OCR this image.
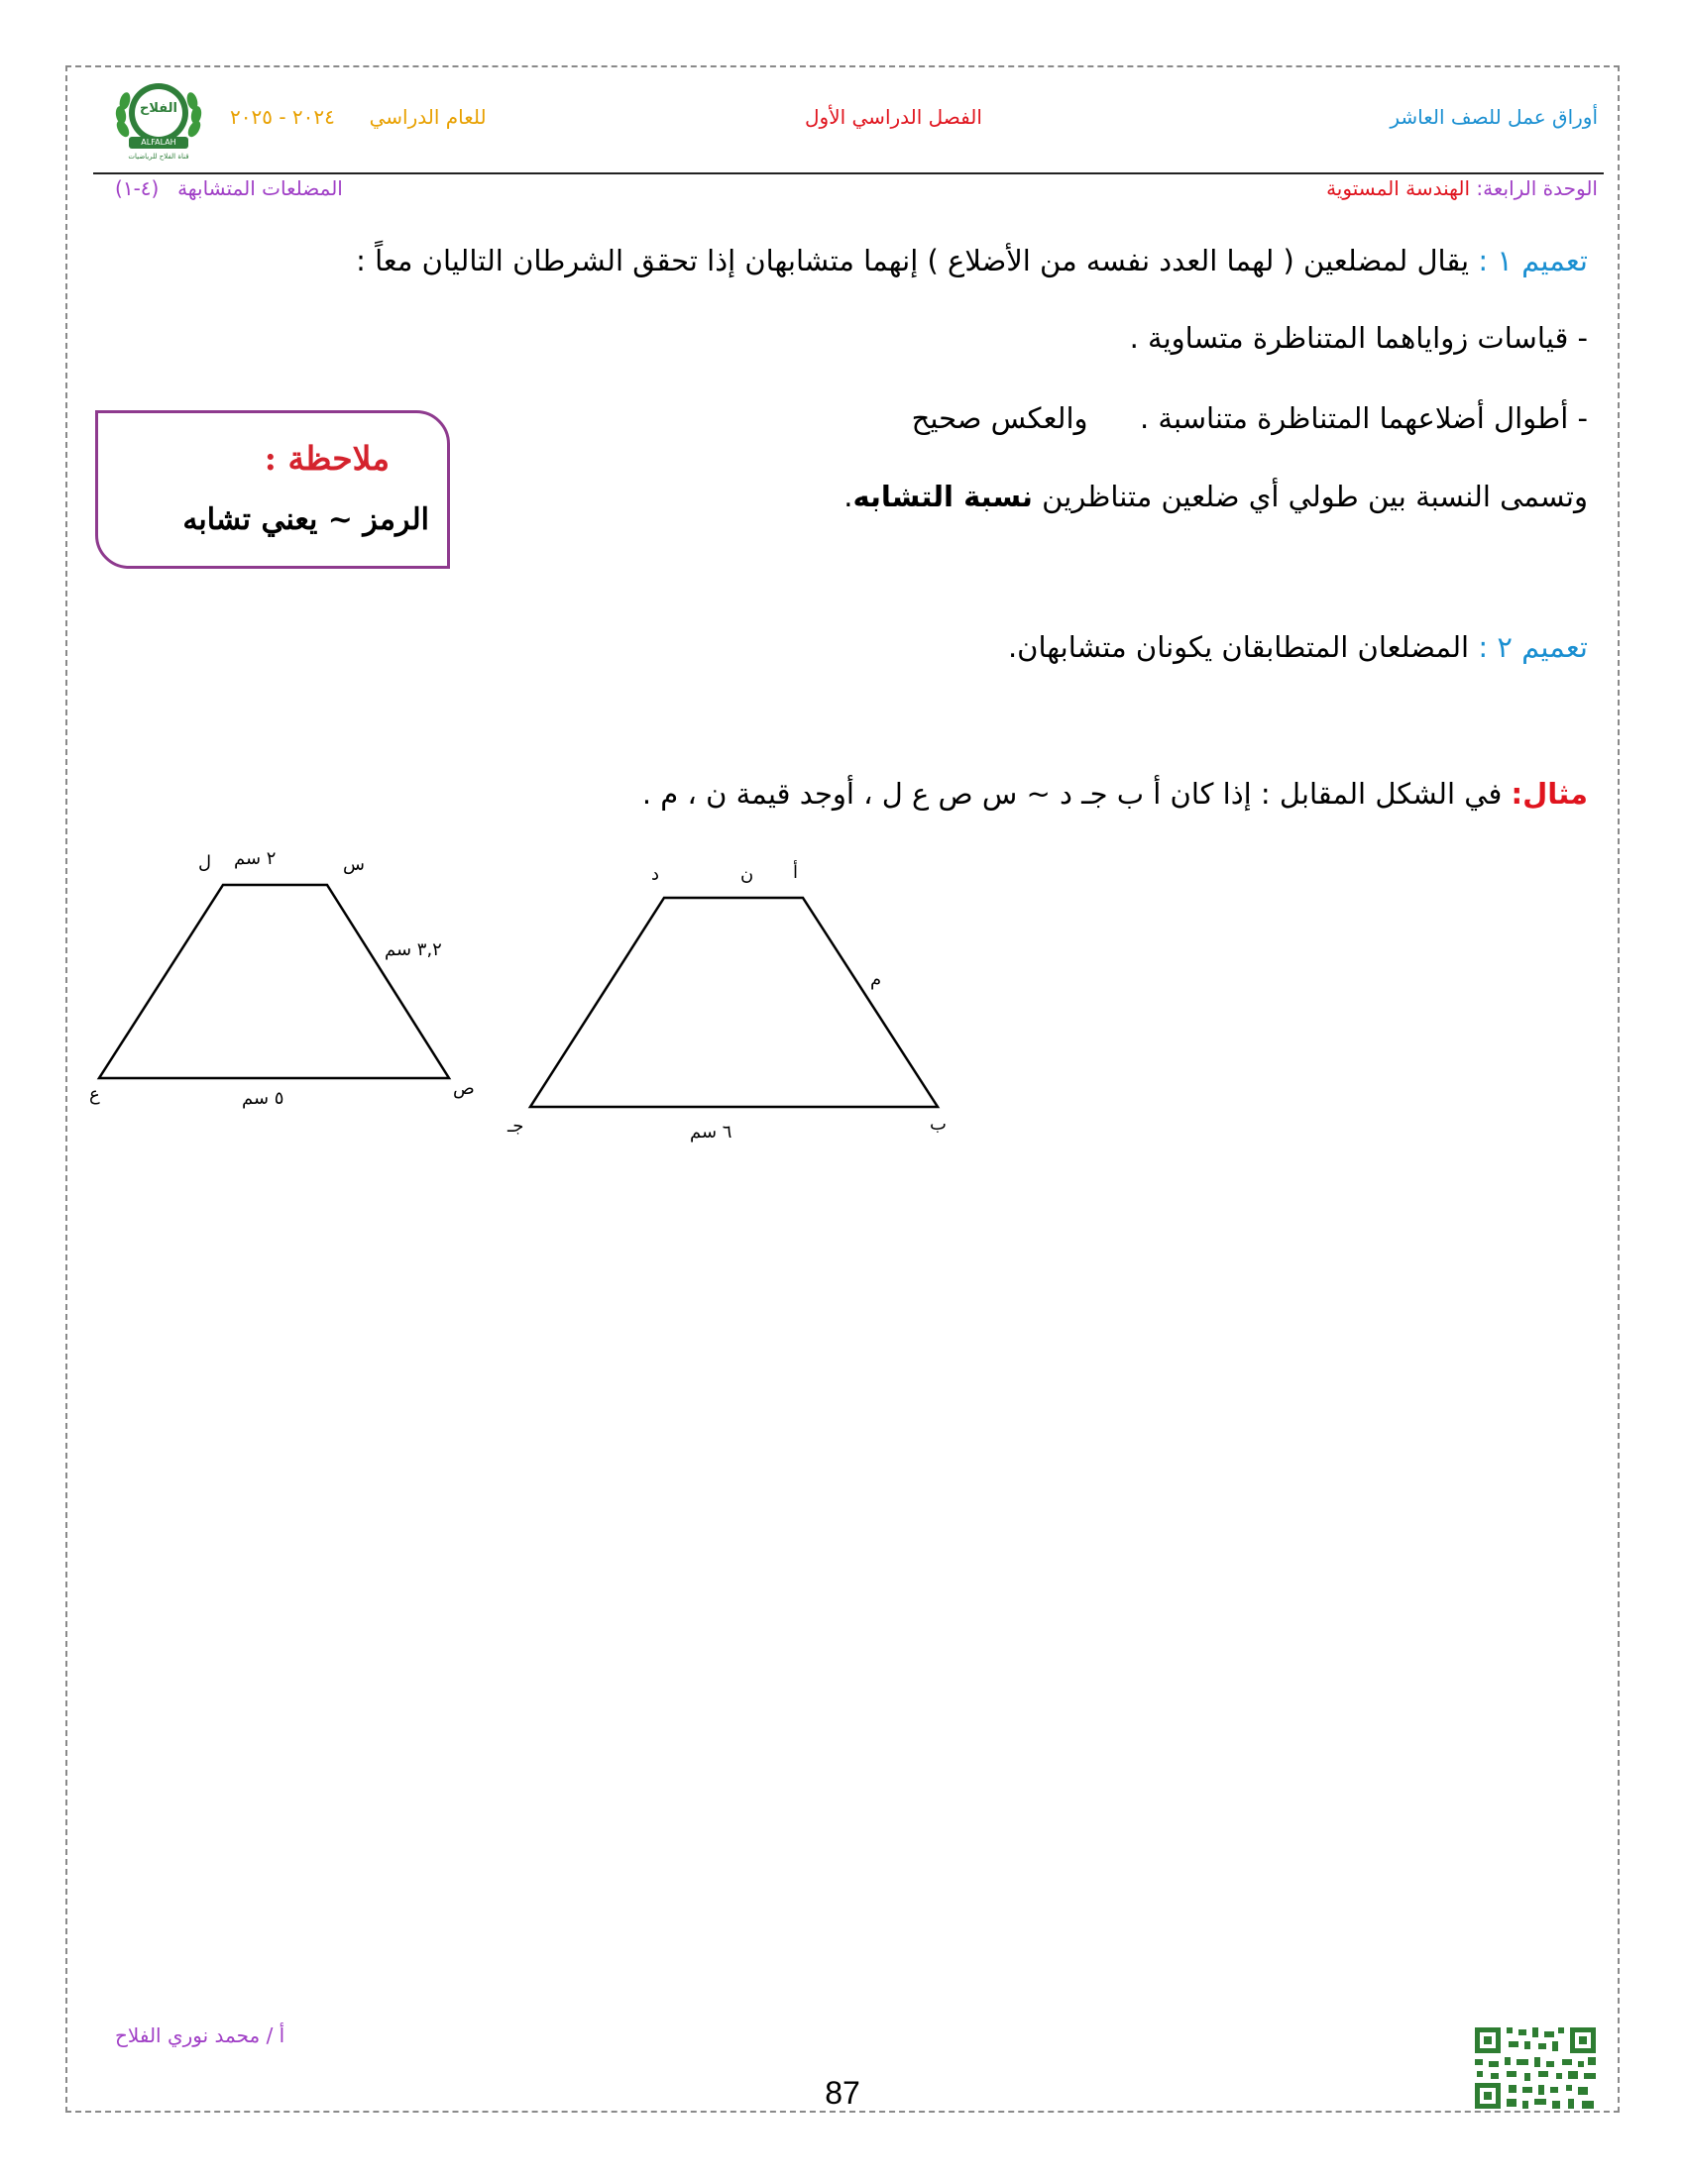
أوراق عمل للصف العاشر
الفصل الدراسي الأول
للعام الدراسي  ٢٠٢٤ - ٢٠٢٥
الفلاح
ALFALAH
قناة الفلاح للرياضيات
الوحدة الرابعة: الهندسة المستوية
المضلعات المتشابهة  (٤-١)
تعميم ١ : يقال لمضلعين ( لهما العدد نفسه من الأضلاع ) إنهما متشابهان إذا تحقق الشرطان التاليان معاً :
- قياسات زواياهما المتناظرة متساوية .
- أطوال أضلاعهما المتناظرة متناسبة .  والعكس صحيح
وتسمى النسبة بين طولي أي ضلعين متناظرين نسبة التشابه.
ملاحظة :
الرمز ~ يعني تشابه
تعميم ٢ : المضلعان المتطابقان يكونان متشابهان.
مثال: في الشكل المقابل : إذا كان أ ب جـ د ~ س ص ع ل ، أوجد قيمة ن ، م .
س
ص
ع
ل ٢ سم
٣,٢ سم
٥ سم
أ
ب
جـ
د	ن
م
٦ سم
أ / محمد نوري الفلاح
87
